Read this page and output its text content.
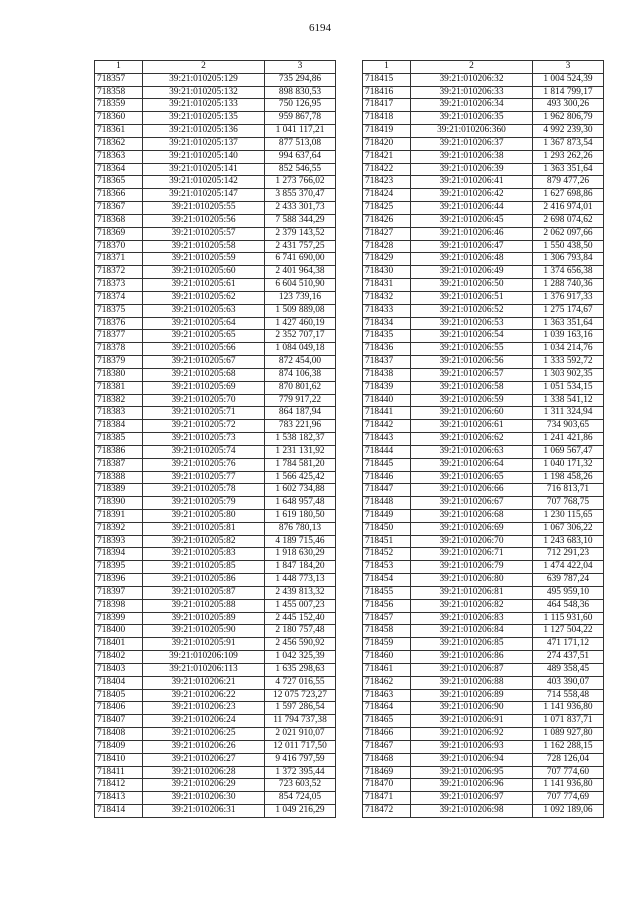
6194
1	2	3
718357	39:21:010205:129	735 294,86
718358	39:21:010205:132	898 830,53
718359	39:21:010205:133	750 126,95
718360	39:21:010205:135	959 867,78
718361	39:21:010205:136	1 041 117,21
718362	39:21:010205:137	877 513,08
718363	39:21:010205:140	994 637,64
718364	39:21:010205:141	852 546,55
718365	39:21:010205:142	1 273 766,02
718366	39:21:010205:147	3 855 370,47
718367	39:21:010205:55	2 433 301,73
718368	39:21:010205:56	7 588 344,29
718369	39:21:010205:57	2 379 143,52
718370	39:21:010205:58	2 431 757,25
718371	39:21:010205:59	6 741 690,00
718372	39:21:010205:60	2 401 964,38
718373	39:21:010205:61	6 604 510,90
718374	39:21:010205:62	123 739,16
718375	39:21:010205:63	1 509 889,08
718376	39:21:010205:64	1 427 460,19
718377	39:21:010205:65	2 352 707,17
718378	39:21:010205:66	1 084 049,18
718379	39:21:010205:67	872 454,00
718380	39:21:010205:68	874 106,38
718381	39:21:010205:69	870 801,62
718382	39:21:010205:70	779 917,22
718383	39:21:010205:71	864 187,94
718384	39:21:010205:72	783 221,96
718385	39:21:010205:73	1 538 182,37
718386	39:21:010205:74	1 231 131,92
718387	39:21:010205:76	1 784 581,20
718388	39:21:010205:77	1 566 425,42
718389	39:21:010205:78	1 602 734,88
718390	39:21:010205:79	1 648 957,48
718391	39:21:010205:80	1 619 180,50
718392	39:21:010205:81	876 780,13
718393	39:21:010205:82	4 189 715,46
718394	39:21:010205:83	1 918 630,29
718395	39:21:010205:85	1 847 184,20
718396	39:21:010205:86	1 448 773,13
718397	39:21:010205:87	2 439 813,32
718398	39:21:010205:88	1 455 007,23
718399	39:21:010205:89	2 445 152,40
718400	39:21:010205:90	2 180 757,48
718401	39:21:010205:91	2 456 590,92
718402	39:21:010206:109	1 042 325,39
718403	39:21:010206:113	1 635 298,63
718404	39:21:010206:21	4 727 016,55
718405	39:21:010206:22	12 075 723,27
718406	39:21:010206:23	1 597 286,54
718407	39:21:010206:24	11 794 737,38
718408	39:21:010206:25	2 021 910,07
718409	39:21:010206:26	12 011 717,50
718410	39:21:010206:27	9 416 797,59
718411	39:21:010206:28	1 372 395,44
718412	39:21:010206:29	723 603,52
718413	39:21:010206:30	854 724,05
718414	39:21:010206:31	1 049 216,29
1	2	3
718415	39:21:010206:32	1 004 524,39
718416	39:21:010206:33	1 814 799,17
718417	39:21:010206:34	493 300,26
718418	39:21:010206:35	1 962 806,79
718419	39:21:010206:360	4 992 239,30
718420	39:21:010206:37	1 367 873,54
718421	39:21:010206:38	1 293 262,26
718422	39:21:010206:39	1 363 351,64
718423	39:21:010206:41	879 477,26
718424	39:21:010206:42	1 627 698,86
718425	39:21:010206:44	2 416 974,01
718426	39:21:010206:45	2 698 074,62
718427	39:21:010206:46	2 062 097,66
718428	39:21:010206:47	1 550 438,50
718429	39:21:010206:48	1 306 793,84
718430	39:21:010206:49	1 374 656,38
718431	39:21:010206:50	1 288 740,36
718432	39:21:010206:51	1 376 917,33
718433	39:21:010206:52	1 275 174,67
718434	39:21:010206:53	1 363 351,64
718435	39:21:010206:54	1 039 163,16
718436	39:21:010206:55	1 034 214,76
718437	39:21:010206:56	1 333 592,72
718438	39:21:010206:57	1 303 902,35
718439	39:21:010206:58	1 051 534,15
718440	39:21:010206:59	1 338 541,12
718441	39:21:010206:60	1 311 324,94
718442	39:21:010206:61	734 903,65
718443	39:21:010206:62	1 241 421,86
718444	39:21:010206:63	1 069 567,47
718445	39:21:010206:64	1 040 171,32
718446	39:21:010206:65	1 198 458,26
718447	39:21:010206:66	716 813,71
718448	39:21:010206:67	707 768,75
718449	39:21:010206:68	1 230 115,65
718450	39:21:010206:69	1 067 306,22
718451	39:21:010206:70	1 243 683,10
718452	39:21:010206:71	712 291,23
718453	39:21:010206:79	1 474 422,04
718454	39:21:010206:80	639 787,24
718455	39:21:010206:81	495 959,10
718456	39:21:010206:82	464 548,36
718457	39:21:010206:83	1 115 931,60
718458	39:21:010206:84	1 127 504,22
718459	39:21:010206:85	471 171,12
718460	39:21:010206:86	274 437,51
718461	39:21:010206:87	489 358,45
718462	39:21:010206:88	403 390,07
718463	39:21:010206:89	714 558,48
718464	39:21:010206:90	1 141 936,80
718465	39:21:010206:91	1 071 837,71
718466	39:21:010206:92	1 089 927,80
718467	39:21:010206:93	1 162 288,15
718468	39:21:010206:94	728 126,04
718469	39:21:010206:95	707 774,60
718470	39:21:010206:96	1 141 936,80
718471	39:21:010206:97	707 774,69
718472	39:21:010206:98	1 092 189,06
